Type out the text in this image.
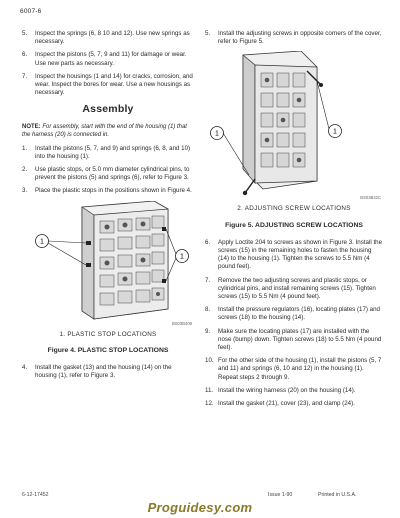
6007-6
5.	Inspect the springs (6, 8 10 and 12). Use new springs as necessary.
6.	Inspect the pistons (5, 7, 9 and 11) for damage or wear. Use new parts as necessary.
7.	Inspect the housings (1 and 14) for cracks, corrosion, and wear. Inspect the bores for wear. Use a new housings as necessary.
Assembly
NOTE: For assembly, start with the end of the housing (1) that the harness (20) is connected in.
1.	Install the pistons (5, 7, and 9) and springs (6, 8, and 10) into the housing (1).
2.	Use plastic stops, or 5.0 mm diameter cylindrical pins, to prevent the pistons (5) and springs (6), refer to Figure 3.
3.	Place the plastic stops in the positions shown in Figure 4.
1
1
BS03B409
1. PLASTIC STOP LOCATIONS
Figure 4. PLASTIC STOP LOCATIONS
4.	Install the gasket (13) and the housing (14) on the housing (1), refer to Figure 3.
5.	Install the adjusting screws in opposite corners of the cover, refer to Figure 5.
1	1
BS03B42C
2. ADJUSTING SCREW LOCATIONS
Figure 5. ADJUSTING SCREW LOCATIONS
6.	Apply Loctite 204 to screws as shown in Figure 3. Install the screws (15) in the remaining holes to fasten the housing (14) to the housing (1). Tighten the screws to 5.5 Nm (4 pound feet).
7.	Remove the two adjusting screws and plastic stops, or cylindrical pins, and install remaining screws (15). Tighten screws (15) to 5.5 Nm (4 pound feet).
8.	Install the pressure regulators (16), locating plates (17) and screws (18) to the housing (14).
9.	Make sure the locating plates (17) are installed with the nose (bump) down. Tighten screws (18) to 5.5 Nm (4 pound feet).
10. For the other side of the housing (1), install the pistons (5, 7 and 11) and springs (6, 10 and 12) in the housing (1). Repeat steps 2 through 9.
11. Install the wiring harness (20) on the housing (14).
12. Install the gasket (21), cover (23), and clamp (24).
6-12-17452	Issue 1-90	Printed in U.S.A.
Proguidesy.com
